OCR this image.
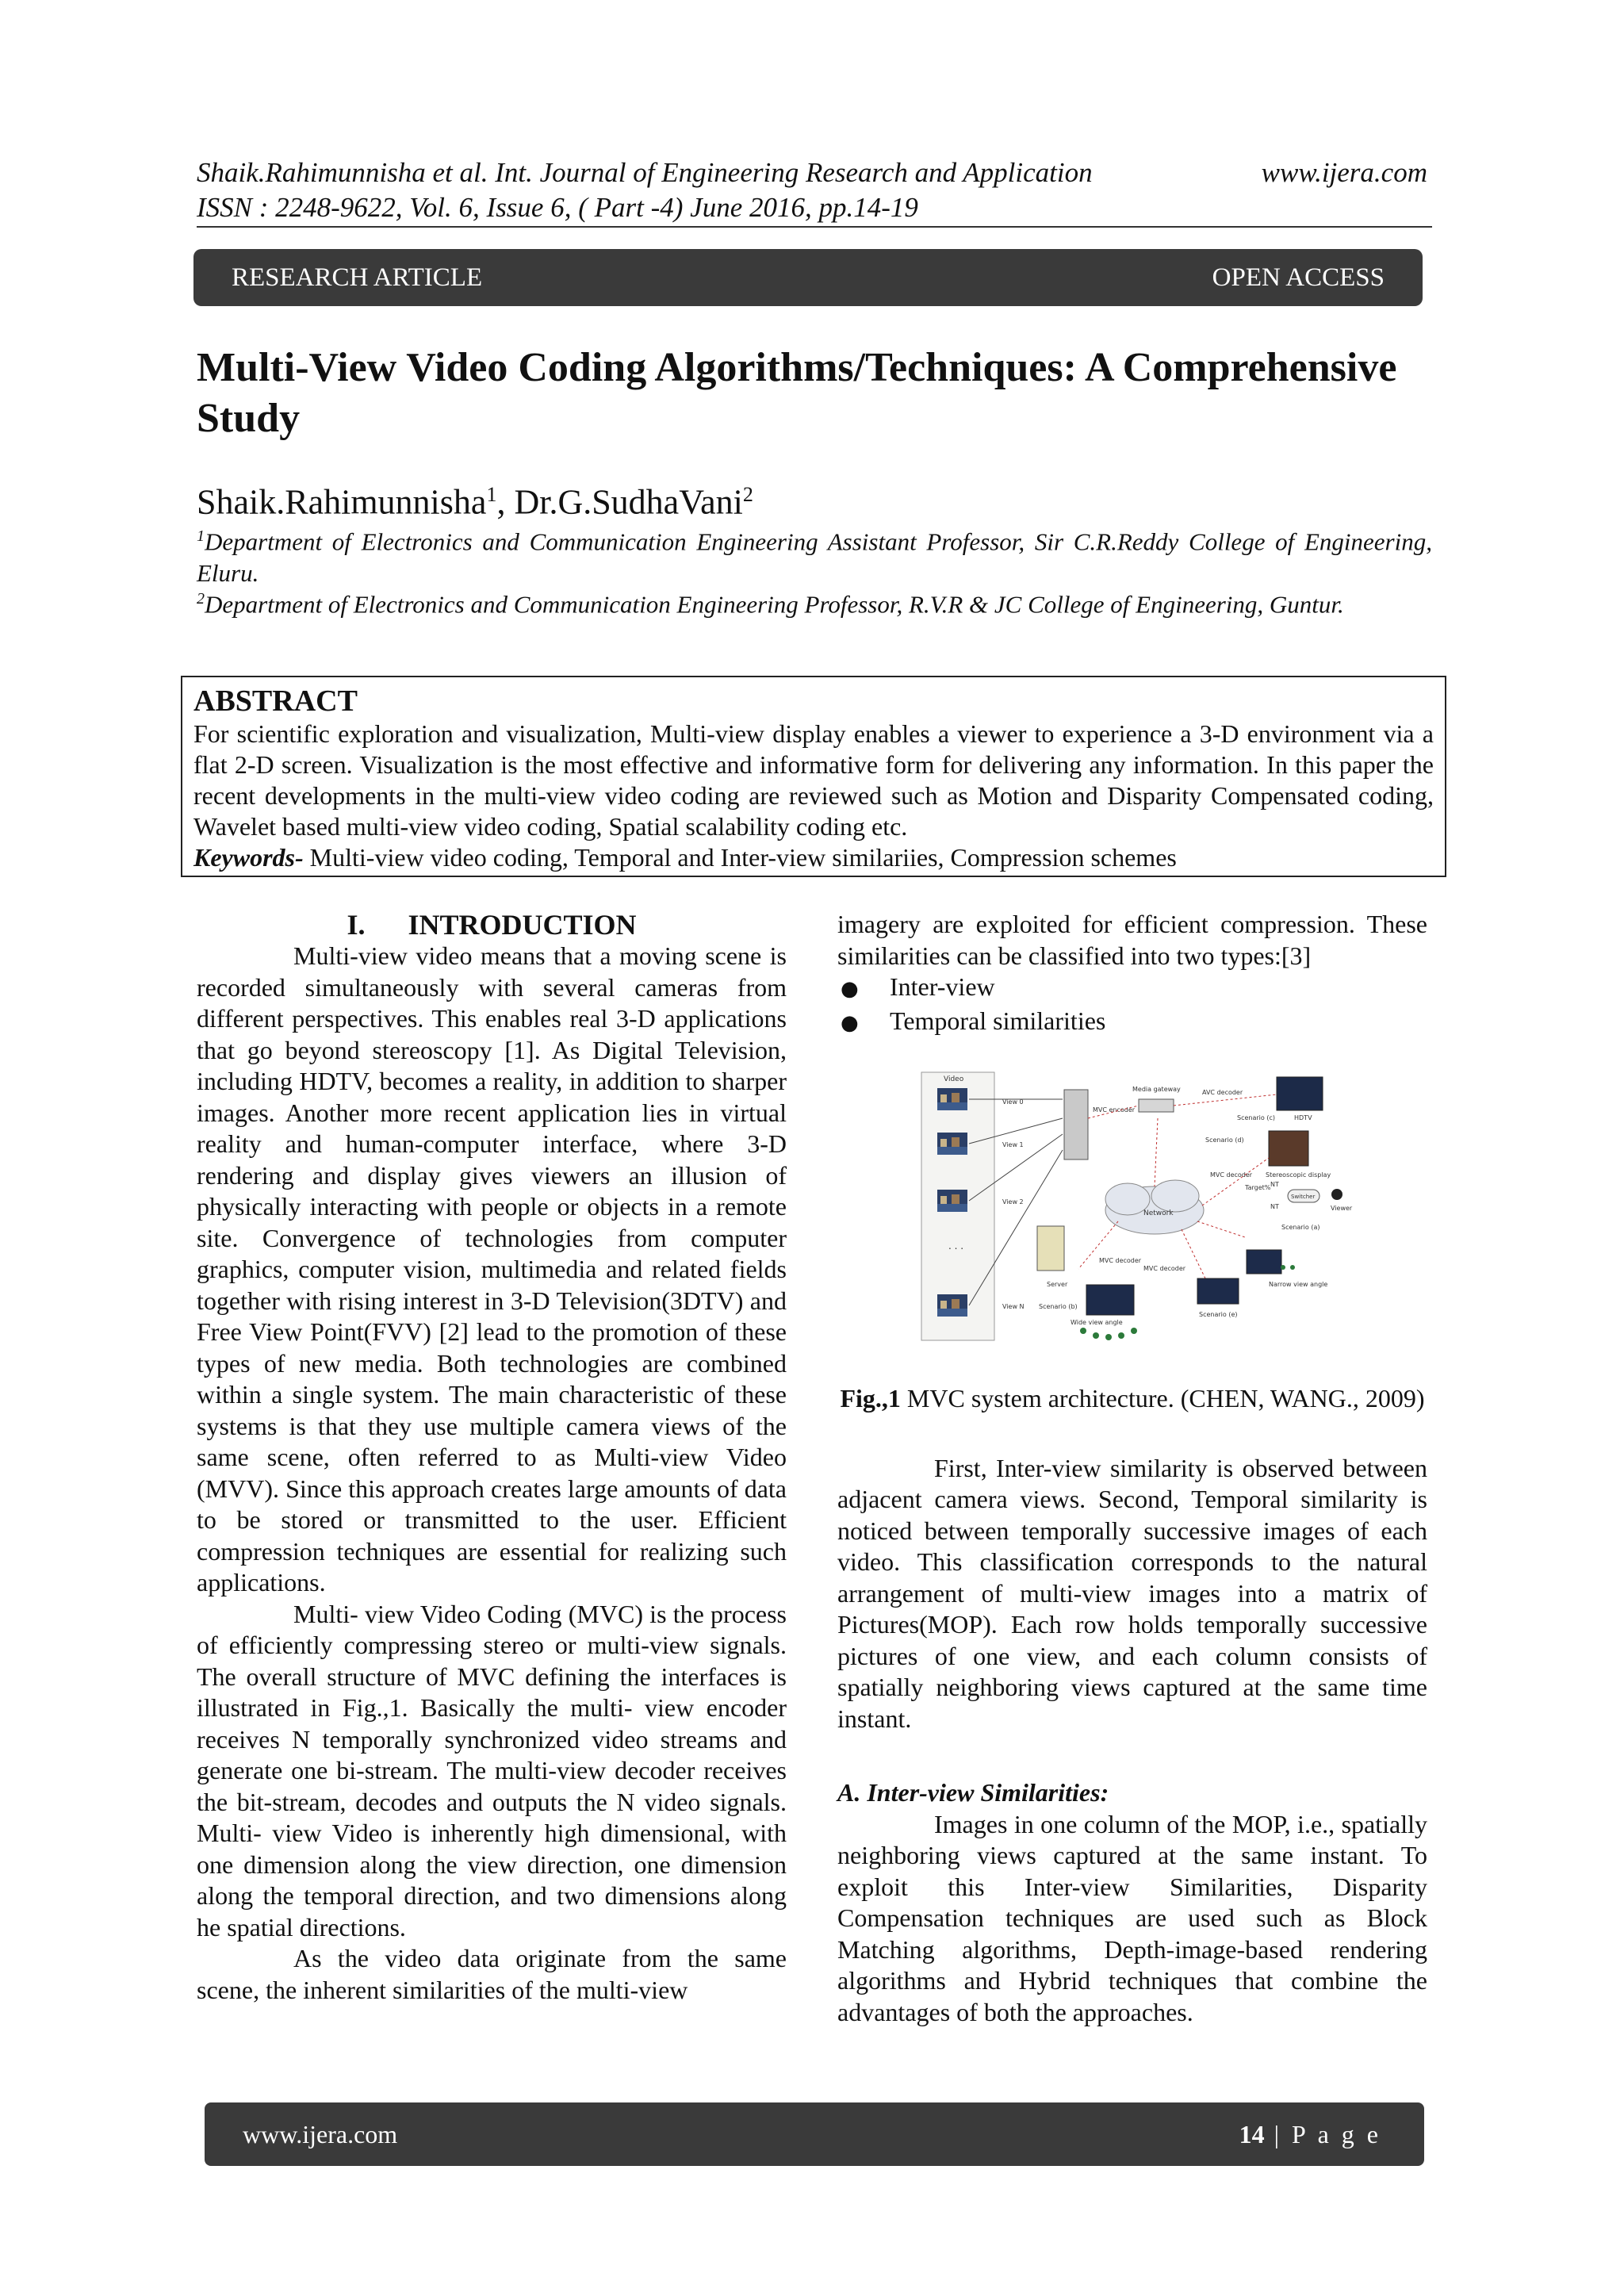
Shaik.Rahimunnisha et al. Int. Journal of Engineering Research and Application
ISSN : 2248-9622, Vol. 6, Issue 6, ( Part -4) June 2016, pp.14-19
www.ijera.com
RESEARCH ARTICLE	OPEN ACCESS
Multi-View Video Coding Algorithms/Techniques: A Comprehensive Study
Shaik.Rahimunnisha$^1$, Dr.G.SudhaVani$^2$
$^1$Department of Electronics and Communication Engineering Assistant Professor, Sir C.R.Reddy College of Engineering, Eluru.
$^2$Department of Electronics and Communication Engineering Professor, R.V.R & JC College of Engineering, Guntur.
ABSTRACT

For scientific exploration and visualization, Multi-view display enables a viewer to experience a 3-D environment via a flat 2-D screen. Visualization is the most effective and informative form for delivering any information. In this paper the recent developments in the multi-view video coding are reviewed such as Motion and Disparity Compensated coding, Wavelet based multi-view video coding, Spatial scalability coding etc.

Keywords- Multi-view video coding, Temporal and Inter-view similariies, Compression schemes

I.      INTRODUCTION

Multi-view video means that a moving scene is recorded simultaneously with several cameras from different perspectives. This enables real 3-D applications that go beyond stereoscopy [1]. As Digital Television, including HDTV, becomes a reality, in addition to sharper images. Another more recent application lies in virtual reality and human-computer interface, where 3-D rendering and display gives viewers an illusion of physically interacting with people or objects in a remote site. Convergence of technologies from computer graphics, computer vision, multimedia and related fields together with rising interest in 3-D Television(3DTV) and Free View Point(FVV) [2] lead to the promotion of these types of new media. Both technologies are combined within a single system. The main characteristic of these systems is that they use multiple camera views of the same scene, often referred to as Multi-view Video (MVV). Since this approach creates large amounts of data to be stored or transmitted to the user. Efficient compression techniques are essential for realizing such applications.

Multi- view Video Coding (MVC) is the process of efficiently compressing stereo or multi-view signals. The overall structure of MVC defining the interfaces is illustrated in Fig.,1. Basically the multi- view encoder receives N temporally synchronized video streams and generate one bi-stream. The multi-view decoder receives the bit-stream, decodes and outputs the N video signals. Multi- view Video is inherently high dimensional, with one dimension along the view direction, one dimension along the temporal direction, and two dimensions along he spatial directions.

As the video data originate from the same scene, the inherent similarities of the multi-view

imagery are exploited for efficient compression. These similarities can be classified into two types:[3]

●	Inter-view
●	Temporal similarities
Video
. . .
View 0
View 1
View 2
View N
MVC encoder
Media gateway	AVC decoder
Scenario (c)	HDTV
Scenario (d)
MVC decoder Stereoscopic display
Network
Target% NT
NT
Switcher
Viewer
Scenario (a)
Server
MVC decoder
MVC decoder
Scenario (b)
Narrow view angle
Scenario (e)
Wide view angle

Fig.,1 MVC system architecture. (CHEN, WANG., 2009)

First, Inter-view similarity is observed between adjacent camera views. Second, Temporal similarity is noticed between temporally successive images of each video. This classification corresponds to the natural arrangement of multi-view images into a matrix of Pictures(MOP). Each row holds temporally successive pictures of one view, and each column consists of spatially neighboring views captured at the same time instant.

A. Inter-view Similarities:

Images in one column of the MOP, i.e., spatially neighboring views captured at the same instant. To exploit this Inter-view Similarities, Disparity Compensation techniques are used such as Block Matching algorithms, Depth-image-based rendering algorithms and Hybrid techniques that combine the advantages of both the approaches.

www.ijera.com	14 | P a g e
